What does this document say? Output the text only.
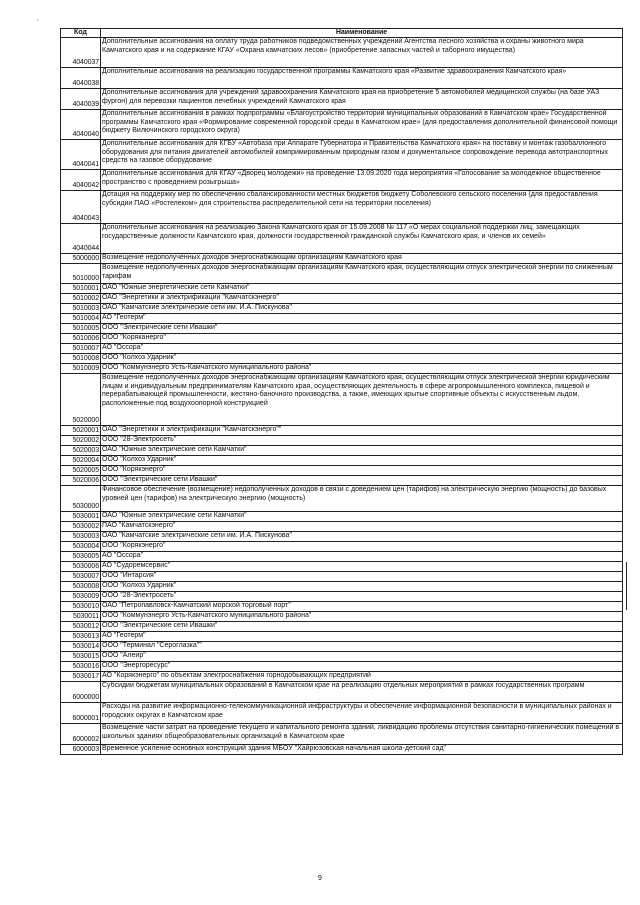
'
Код	Наименование
4040037	Дополнительные ассигнования на оплату труда работников подведомственных учреждений Агентства лесного хозяйства и охраны животного мира Камчатского края и на содержание КГАУ «Охрана камчатских лесов» (приобретение запасных частей и таборного имущества)
4040038	Дополнительные ассигнования на реализацию государственной программы Камчатского края «Развитие здравоохранения Камчатского края»
4040039	Дополнительные ассигнования для учреждений здравоохранения Камчатского края на приобретение 5 автомобилей медицинской службы (на базе УАЗ фургон) для перевозки пациентов лечебных учреждений Камчатского края
4040040	Дополнительные ассигнования в рамках подпрограммы «Благоустройство территорий муниципальных образований в Камчатском крае» Государственной программы Камчатского края «Формирование современной городской среды в Камчатском крае» (для предоставления дополнительной финансовой помощи бюджету Вилючинского городского округа)
4040041	Дополнительные ассигнования для КГБУ «Автобаза при Аппарате Губернатора и Правительства Камчатского края» на поставку и монтаж газобаллонного оборудования для питания двигателей автомобилей компримированным природным газом и документальное сопровождение перевода автотранспортных средств на газовое оборудование
4040042	Дополнительные ассигнования для КГАУ «Дворец молодежи» на проведение 13.09.2020 года мероприятия «Голосование за молодежное общественное пространство с проведением розыгрыша»
4040043	Дотация на поддержку мер по обеспечению сбалансированности местных бюджетов бюджету Соболевского сельского поселения (для предоставления субсидии ПАО «Ростелеком» для строительства распределительной сети на территории поселения)
4040044	Дополнительные ассигнования на реализацию Закона Камчатского края от 15.09.2008 № 117 «О мерах социальной поддержки лиц, замещающих государственные должности Камчатского края, должности государственной гражданской службы Камчатского края, и членов их семей»
5000000	Возмещение недополученных доходов энергоснабжающим организациям Камчатского края
5010000	Возмещение недополученных доходов энергоснабжающим организациям Камчатского края, осуществляющим отпуск электрической энергии по сниженным тарифам
5010001	ОАО "Южные энергетические сети Камчатки"
5010002	ОАО "Энергетики и электрификации "Камчатскэнерго"
5010003	ОАО "Камчатские электрические сети им. И.А. Пискунова"
5010004	АО "Геотерм"
5010005	ООО "Электрические сети Ивашки"
5010006	ООО "Коряканерго"
5010007	АО "Оссора"
5010008	ООО "Колхоз Ударник"
5010009	ООО "Коммунэнерго Усть-Камчатского муниципального района"
5020000	Возмещение недополученных доходов энергоснабжающим организациям Камчатского края, осуществляющим отпуск электрической энергии юридическим лицам и индивидуальным предпринимателям Камчатского края, осуществляющих деятельность в сфере агропромышленного комплекса, пищевой и перерабатывающей промышленности, жестяно-баночного производства, а также, имеющих крытые спортивные объекты с искусственным льдом, расположенные под воздухоопорной конструкцией
5020001	ОАО "Энергетики и электрификации "Камчатскэнерго""
5020002	ООО "28-Электросеть"
5020003	ОАО "Южные электрические сети Камчатки"
5020004	ООО "Колхоз Ударник"
5020005	ООО "Корякэнерго"
5020006	ООО "Электрические сети Ивашки"
5030000	Финансовое обеспечение (возмещение) недополученных доходов в связи с доведением цен (тарифов) на электрическую энергию (мощность) до базовых уровней цен (тарифов) на электрическую энергию (мощность)
5030001	ОАО "Южные электрические сети Камчатки"
5030002	ПАО "Камчатскэнерго"
5030003	ОАО "Камчатские электрические сети им. И.А. Пискунова"
5030004	ООО "Корякэнерго"
5030005	АО "Оссора"
5030006	АО "Судоремсервис"
5030007	ООО "Интарсия"
5030008	ООО "Колхоз Ударник"
5030009	ООО "28-Электросеть"
5030010	ОАО "Петропавловск-Камчатский морской торговый порт"
5030011	ООО "Коммунэнерго Усть-Камчатского муниципального района"
5030012	ООО "Электрические сети Ивашки"
5030013	АО "Геотерм"
5030014	ООО "Терминал "Сероглазка""
5030015	ООО "Алеир"
5030016	ООО "Энергоресурс"
5030017	АО "Корякэнерго" по объектам электроснабжения горнодобывающих предприятий
6000000	Субсидии бюджетам муниципальных образований в Камчатском крае на реализацию отдельных мероприятий в рамках государственных программ
6000001	Расходы на развитие информационно-телекоммуникационной инфраструктуры и обеспечение информационной безопасности в муниципальных районах и городских округах в Камчатском крае
6000002	Возмещение части затрат на проведение текущего и капитального ремонта зданий, ликвидацию проблемы отсутствия санитарно-гигиенических помещений в школьных зданиях общеобразовательных организаций в Камчатском крае
6000003	Временное усиление основных конструкций здания МБОУ "Хайрюзовская начальная школа-детский сад"
9
